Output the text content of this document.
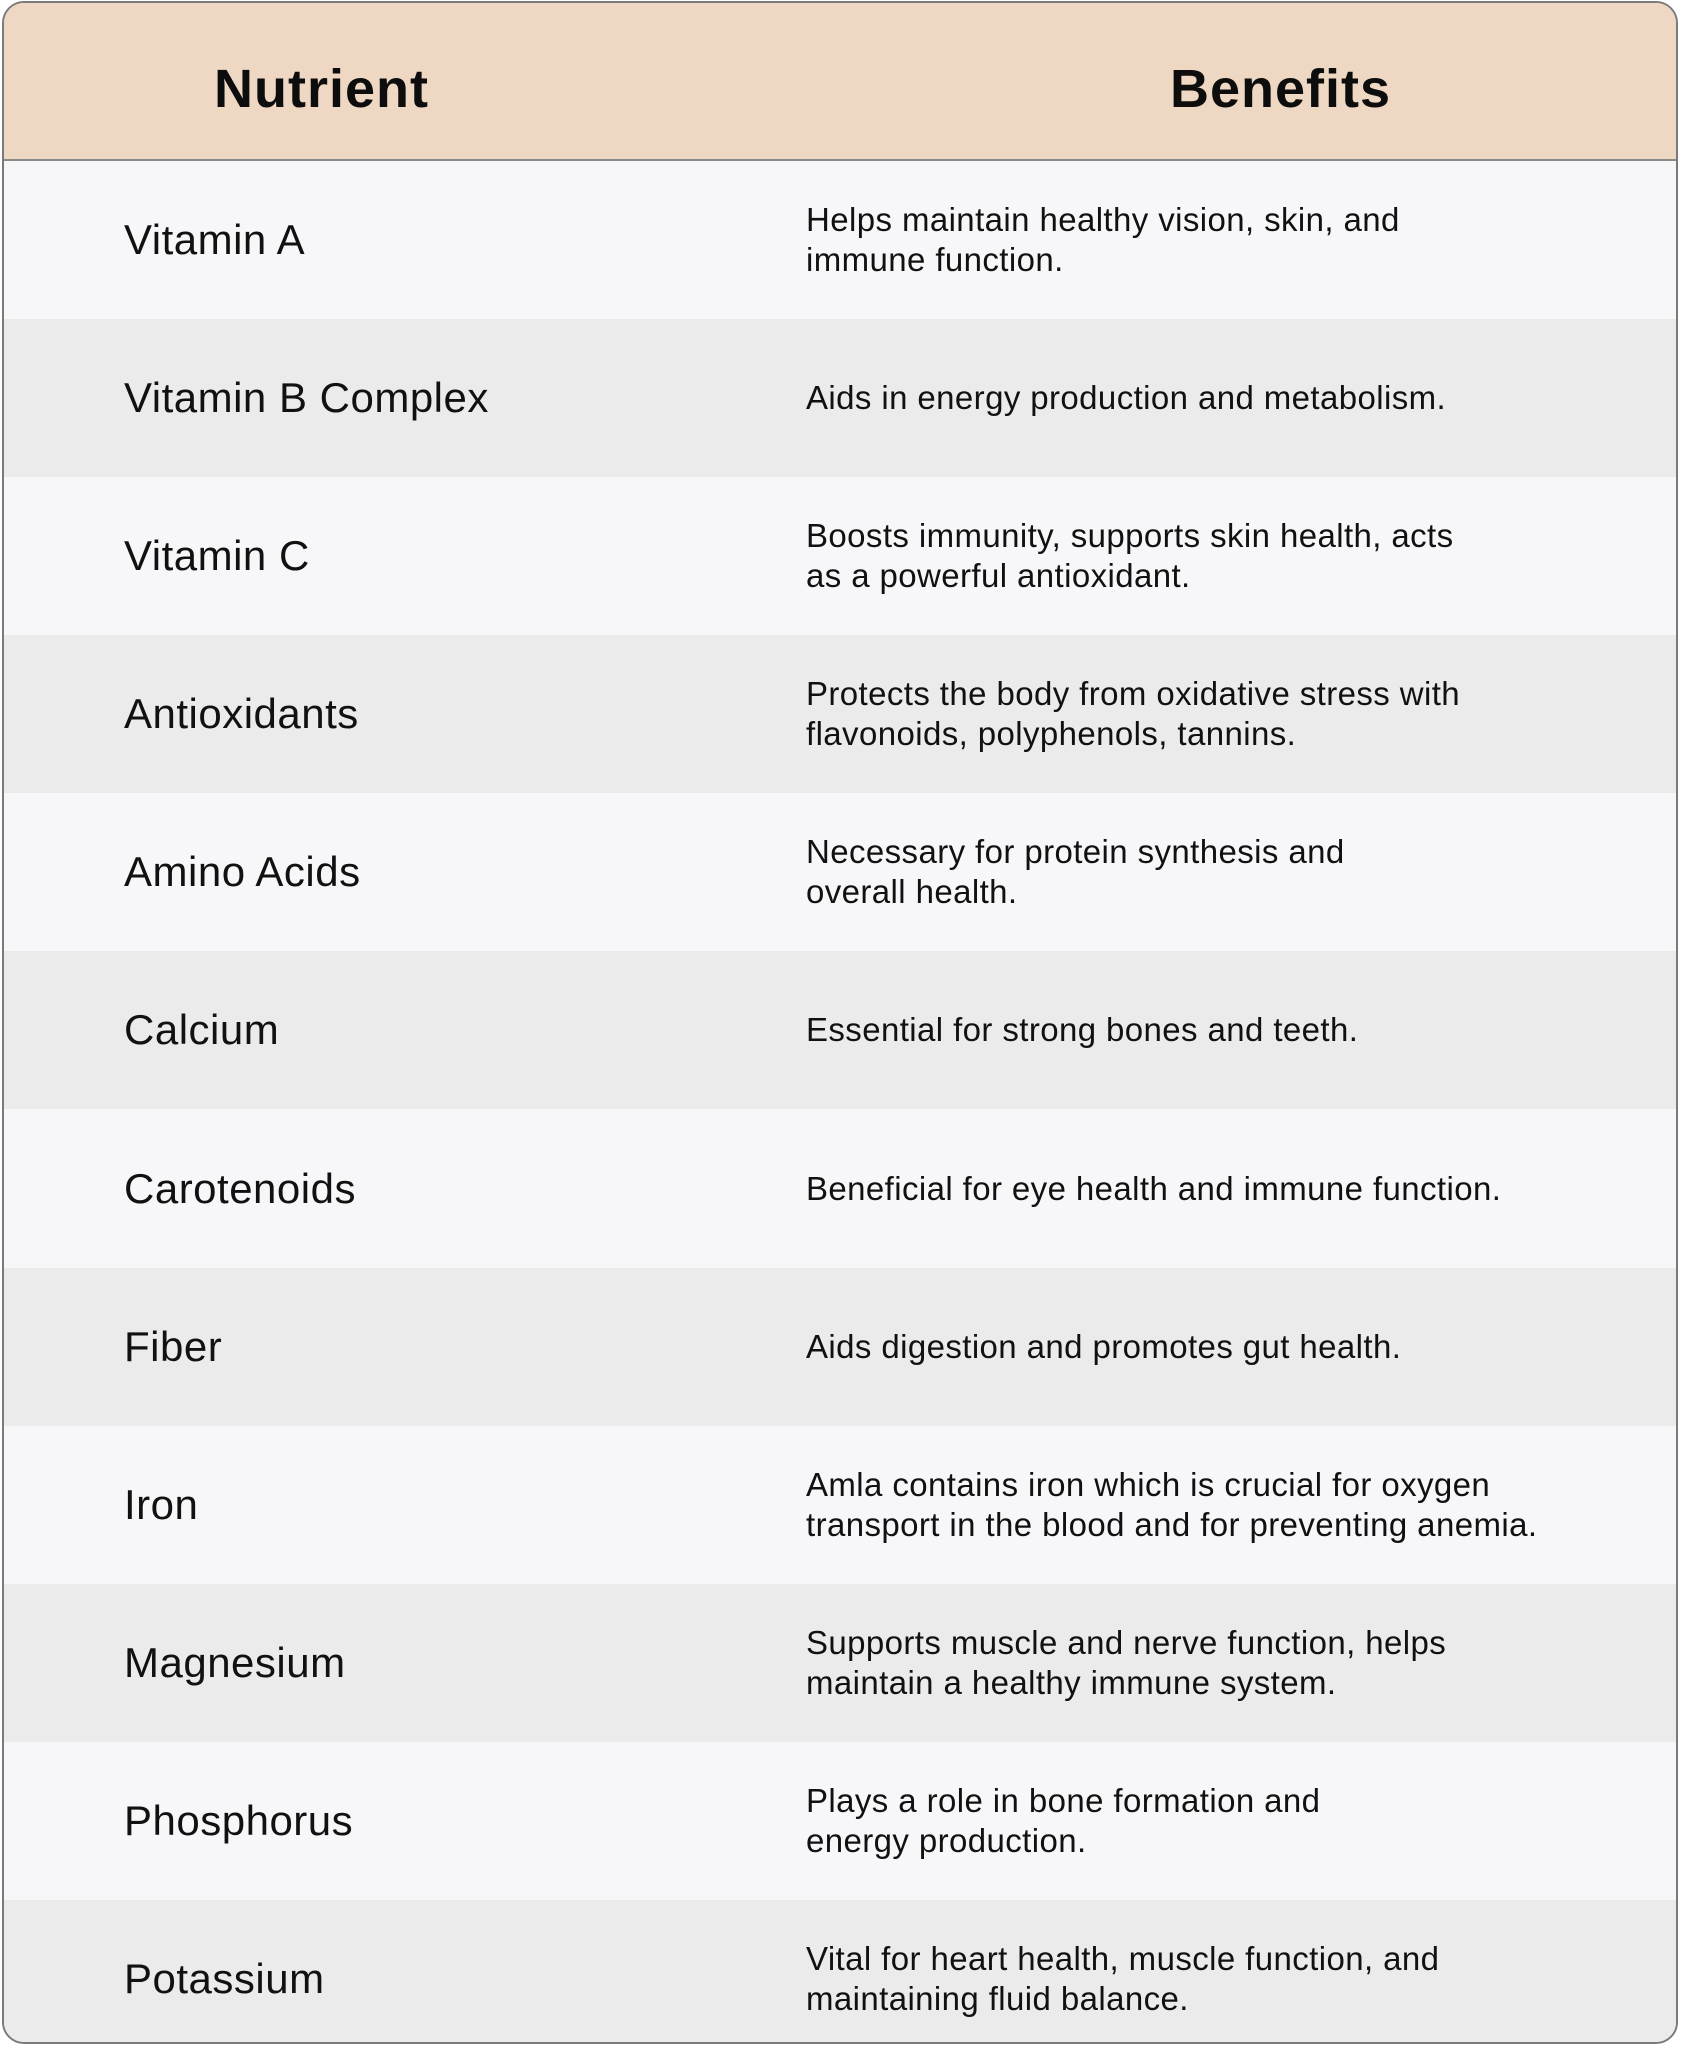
Nutrient	Benefits
Vitamin A	Helps maintain healthy vision, skin, and
immune function.
Vitamin B Complex	Aids in energy production and metabolism.
Vitamin C	Boosts immunity, supports skin health, acts
as a powerful antioxidant.
Antioxidants	Protects the body from oxidative stress with
flavonoids, polyphenols, tannins.
Amino Acids	Necessary for protein synthesis and
overall health.
Calcium	Essential for strong bones and teeth.
Carotenoids	Beneficial for eye health and immune function.
Fiber	Aids digestion and promotes gut health.
Iron	Amla contains iron which is crucial for oxygen
transport in the blood and for preventing anemia.
Magnesium	Supports muscle and nerve function, helps
maintain a healthy immune system.
Phosphorus	Plays a role in bone formation and
energy production.
Potassium	Vital for heart health, muscle function, and
maintaining fluid balance.
